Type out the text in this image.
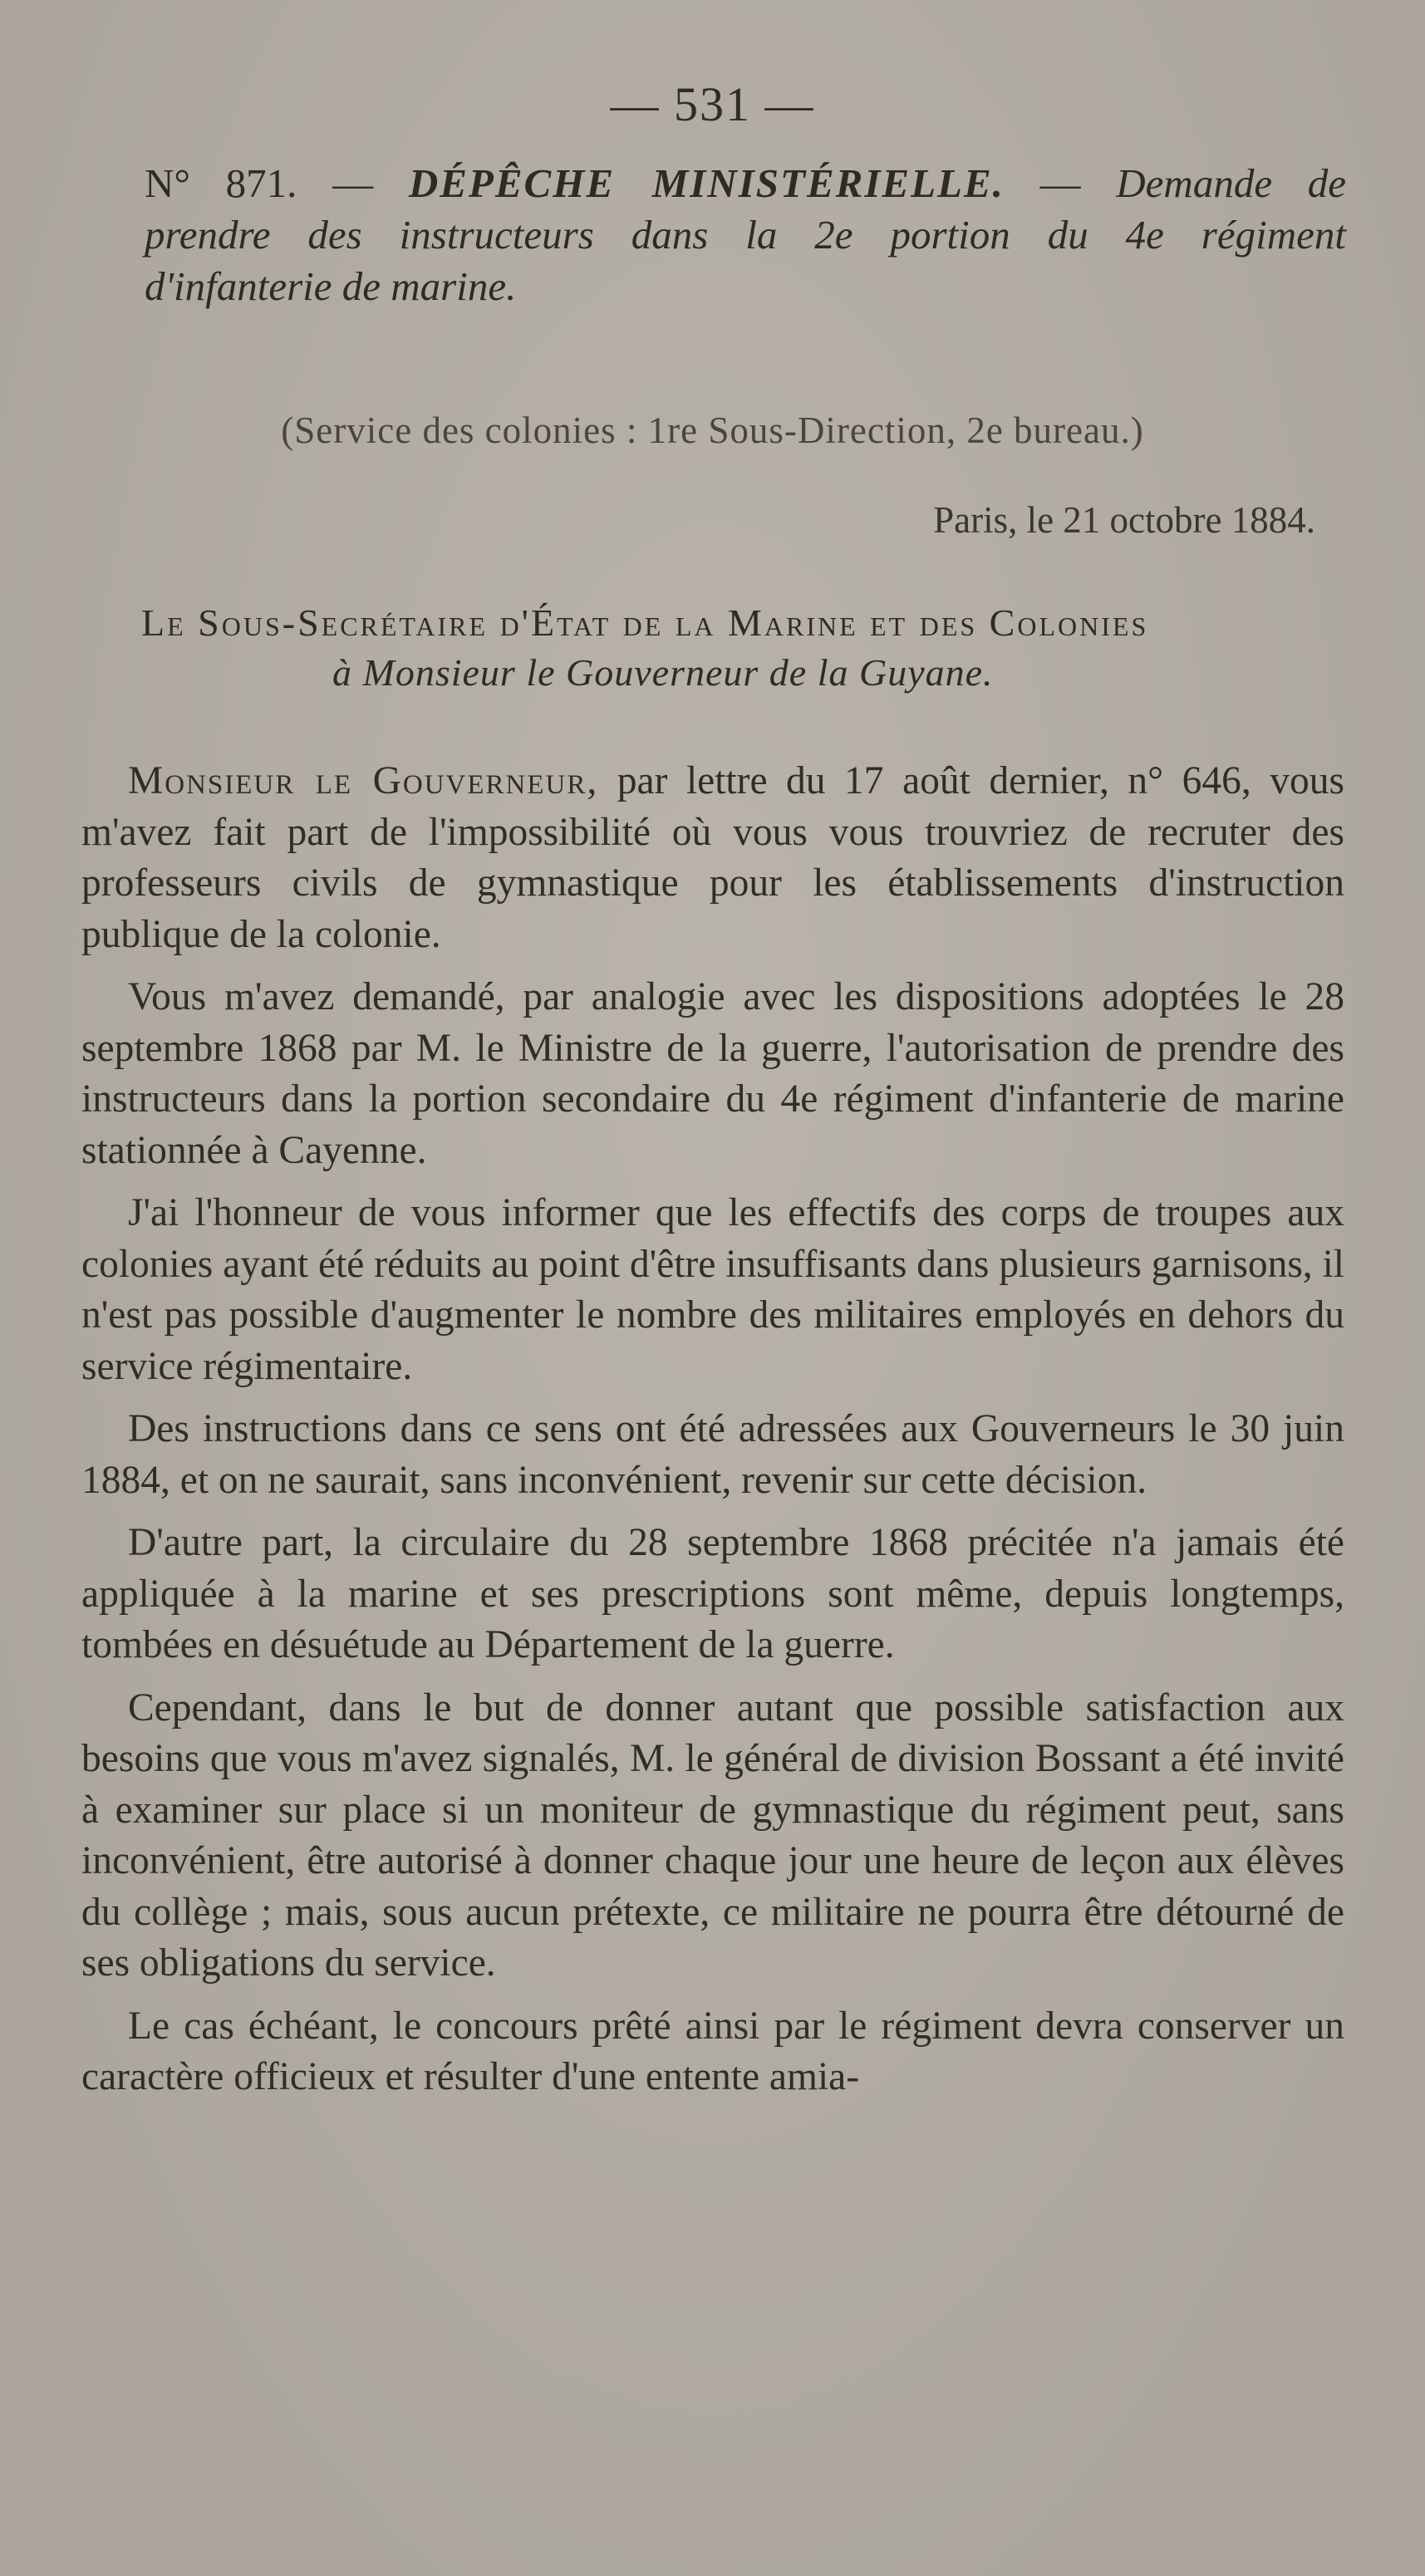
— 531 —
N° 871. — DÉPÊCHE MINISTÉRIELLE. — Demande de
prendre des instructeurs dans la 2e portion du 4e régiment
d'infanterie de marine.
(Service des colonies : 1re Sous-Direction, 2e bureau.)
Paris, le 21 octobre 1884.
Le Sous-Secrétaire d'État de la Marine et des Colonies
à Monsieur le Gouverneur de la Guyane.

Monsieur le Gouverneur, par lettre du 17 août dernier, n° 646, vous m'avez fait part de l'impossibilité où vous vous trouvriez de recruter des professeurs civils de gymnastique pour les établissements d'instruction publique de la colonie.

Vous m'avez demandé, par analogie avec les dispositions adoptées le 28 septembre 1868 par M. le Ministre de la guerre, l'autorisation de prendre des instructeurs dans la portion secondaire du 4e régiment d'infanterie de marine stationnée à Cayenne.

J'ai l'honneur de vous informer que les effectifs des corps de troupes aux colonies ayant été réduits au point d'être insuffisants dans plusieurs garnisons, il n'est pas possible d'augmenter le nombre des militaires employés en dehors du service régimentaire.

Des instructions dans ce sens ont été adressées aux Gouverneurs le 30 juin 1884, et on ne saurait, sans inconvénient, revenir sur cette décision.

D'autre part, la circulaire du 28 septembre 1868 précitée n'a jamais été appliquée à la marine et ses prescriptions sont même, depuis longtemps, tombées en désuétude au Département de la guerre.

Cependant, dans le but de donner autant que possible satisfaction aux besoins que vous m'avez signalés, M. le général de division Bossant a été invité à examiner sur place si un moniteur de gymnastique du régiment peut, sans inconvénient, être autorisé à donner chaque jour une heure de leçon aux élèves du collège ; mais, sous aucun prétexte, ce militaire ne pourra être détourné de ses obligations du service.

Le cas échéant, le concours prêté ainsi par le régiment devra conserver un caractère officieux et résulter d'une entente amia-
